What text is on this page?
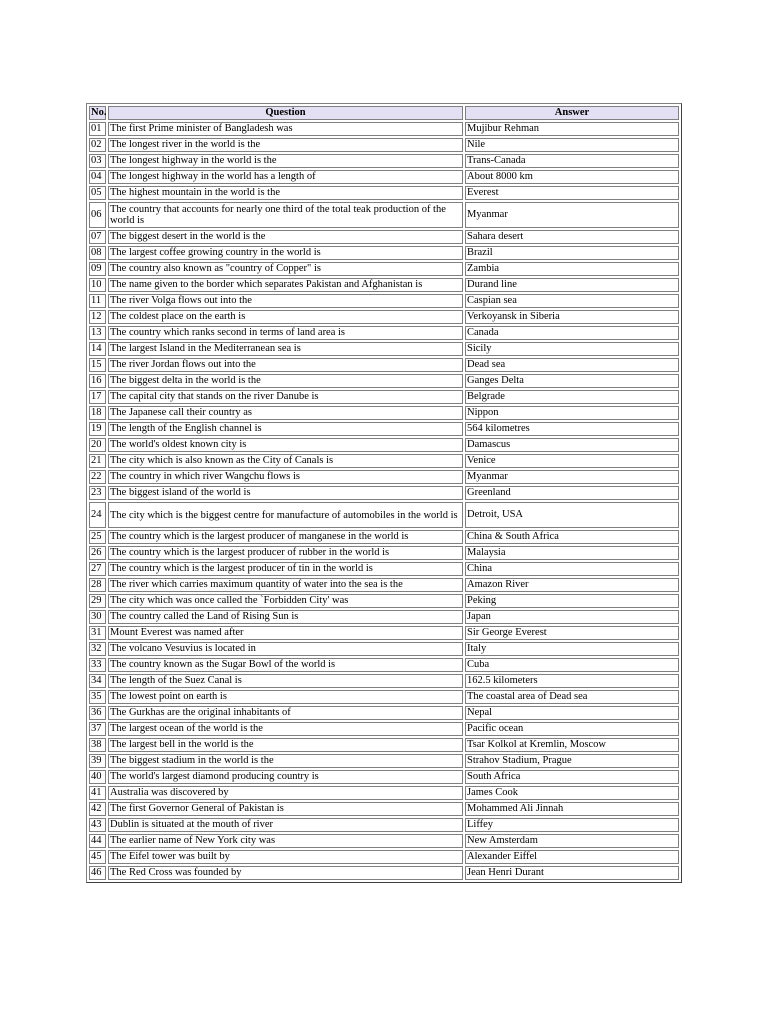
No.	Question	Answer
01	The first Prime minister of Bangladesh was	Mujibur Rehman
02	The longest river in the world is the	Nile
03	The longest highway in the world is the	Trans-Canada
04	The longest highway in the world has a length of	About 8000 km
05	The highest mountain in the world is the	Everest
06	The country that accounts for nearly one third of the total teak production of the world is	Myanmar
07	The biggest desert in the world is the	Sahara desert
08	The largest coffee growing country in the world is	Brazil
09	The country also known as "country of Copper" is	Zambia
10	The name given to the border which separates Pakistan and Afghanistan is	Durand line
11	The river Volga flows out into the	Caspian sea
12	The coldest place on the earth is	Verkoyansk in Siberia
13	The country which ranks second in terms of land area is	Canada
14	The largest Island in the Mediterranean sea is	Sicily
15	The river Jordan flows out into the	Dead sea
16	The biggest delta in the world is the	Ganges Delta
17	The capital city that stands on the river Danube is	Belgrade
18	The Japanese call their country as	Nippon
19	The length of the English channel is	564 kilometres
20	The world's oldest known city is	Damascus
21	The city which is also known as the City of Canals is	Venice
22	The country in which river Wangchu flows is	Myanmar
23	The biggest island of the world is	Greenland
24	The city which is the biggest centre for manufacture of automobiles in the world is	Detroit, USA
25	The country which is the largest producer of manganese in the world is	China & South Africa
26	The country which is the largest producer of rubber in the world is	Malaysia
27	The country which is the largest producer of tin in the world is	China
28	The river which carries maximum quantity of water into the sea is the	Amazon River
29	The city which was once called the `Forbidden City' was	Peking
30	The country called the Land of Rising Sun is	Japan
31	Mount Everest was named after	Sir George Everest
32	The volcano Vesuvius is located in	Italy
33	The country known as the Sugar Bowl of the world is	Cuba
34	The length of the Suez Canal is	162.5 kilometers
35	The lowest point on earth is	The coastal area of Dead sea
36	The Gurkhas are the original inhabitants of	Nepal
37	The largest ocean of the world is the	Pacific ocean
38	The largest bell in the world is the	Tsar Kolkol at Kremlin, Moscow
39	The biggest stadium in the world is the	Strahov Stadium, Prague
40	The world's largest diamond producing country is	South Africa
41	Australia was discovered by	James Cook
42	The first Governor General of Pakistan is	Mohammed Ali Jinnah
43	Dublin is situated at the mouth of river	Liffey
44	The earlier name of New York city was	New Amsterdam
45	The Eifel tower was built by	Alexander Eiffel
46	The Red Cross was founded by	Jean Henri Durant
